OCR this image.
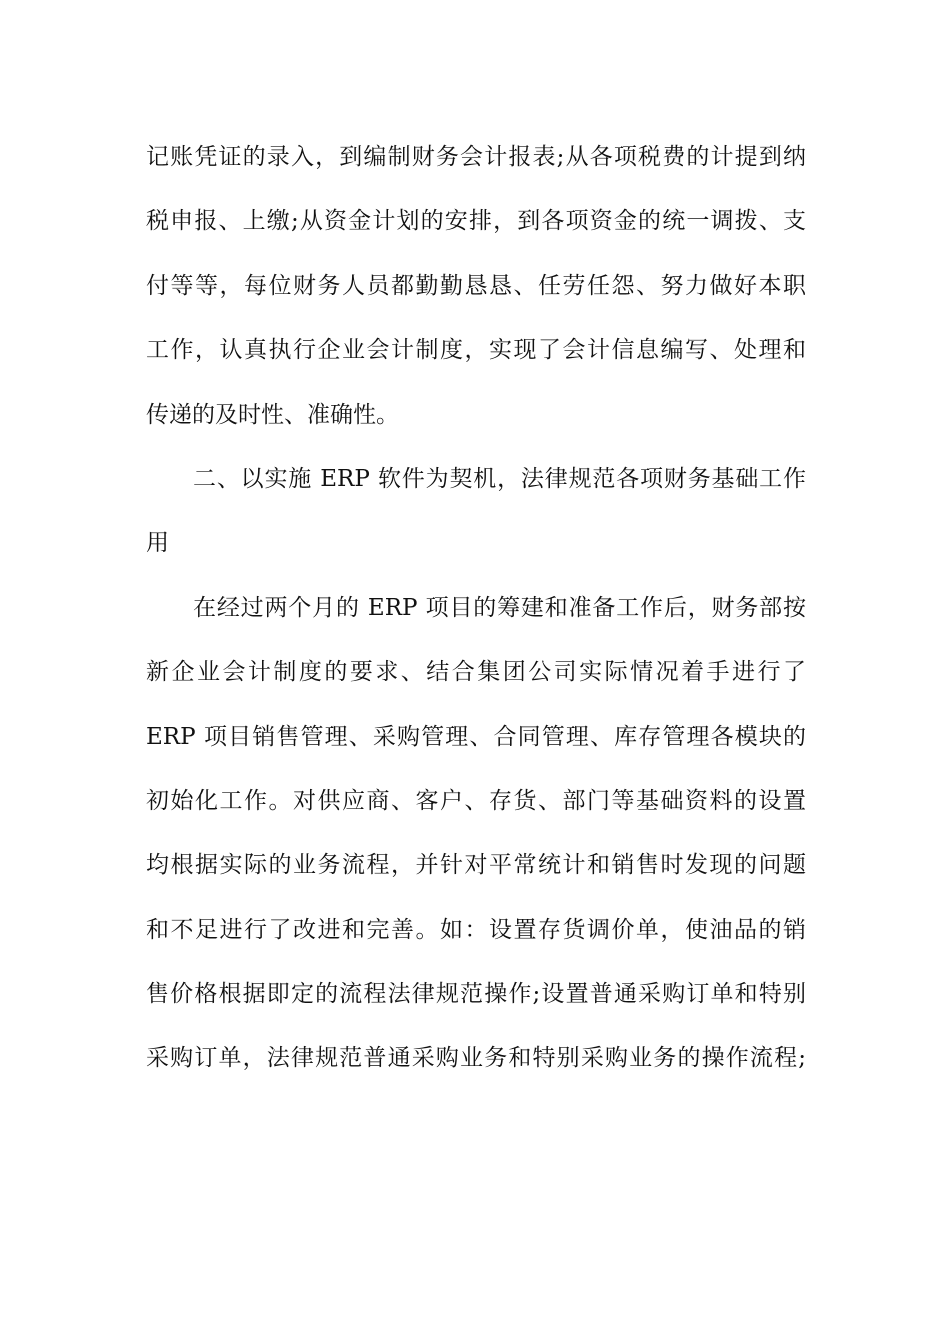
记账凭证的录入，到编制财务会计报表;从各项税费的计提到纳
税申报、上缴;从资金计划的安排，到各项资金的统一调拨、支
付等等，每位财务人员都勤勤恳恳、任劳任怨、努力做好本职
工作，认真执行企业会计制度，实现了会计信息编写、处理和
传递的及时性、准确性。
二、以实施 ERP 软件为契机，法律规范各项财务基础工作
用
在经过两个月的 ERP 项目的筹建和准备工作后，财务部按
新企业会计制度的要求、结合集团公司实际情况着手进行了
ERP 项目销售管理、采购管理、合同管理、库存管理各模块的
初始化工作。对供应商、客户、存货、部门等基础资料的设置
均根据实际的业务流程，并针对平常统计和销售时发现的问题
和不足进行了改进和完善。如：设置存货调价单，使油品的销
售价格根据即定的流程法律规范操作;设置普通采购订单和特别
采购订单，法律规范普通采购业务和特别采购业务的操作流程;
